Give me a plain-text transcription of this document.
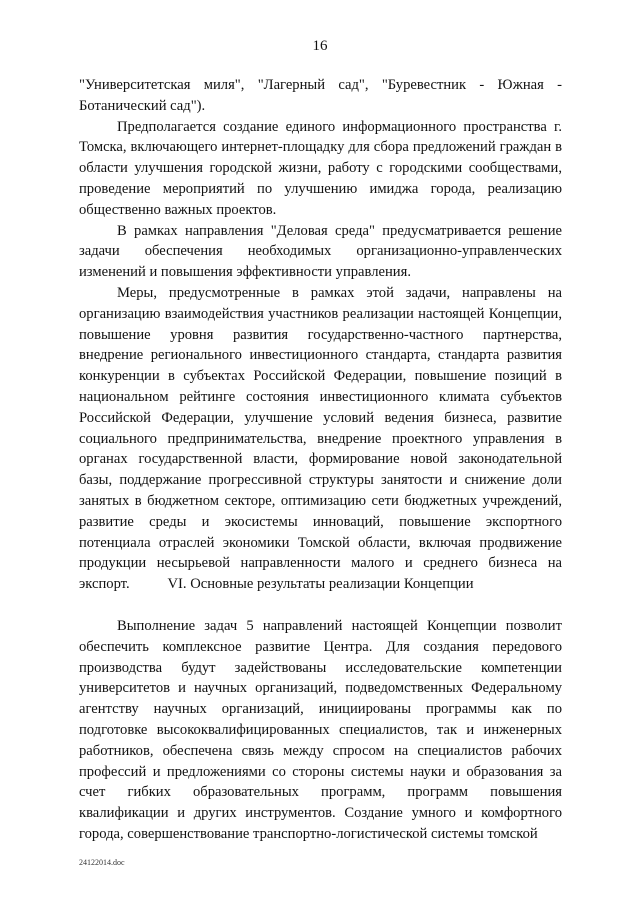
16

"Университетская миля", "Лагерный сад", "Буревестник - Южная - Ботанический сад").

Предполагается создание единого информационного пространства г. Томска, включающего интернет-площадку для сбора предложений граждан в области улучшения городской жизни, работу с городскими сообществами, проведение мероприятий по улучшению имиджа города, реализацию общественно важных проектов.

В рамках направления "Деловая среда" предусматривается решение задачи обеспечения необходимых организационно-управленческих изменений и повышения эффективности управления.

Меры, предусмотренные в рамках этой задачи, направлены на организацию взаимодействия участников реализации настоящей Концепции, повышение уровня развития государственно-частного партнерства, внедрение регионального инвестиционного стандарта, стандарта развития конкуренции в субъектах Российской Федерации, повышение позиций в национальном рейтинге состояния инвестиционного климата субъектов Российской Федерации, улучшение условий ведения бизнеса, развитие социального предпринимательства, внедрение проектного управления в органах государственной власти, формирование новой законодательной базы, поддержание прогрессивной структуры занятости и снижение доли занятых в бюджетном секторе, оптимизацию сети бюджетных учреждений, развитие среды и экосистемы инноваций, повышение экспортного потенциала отраслей экономики Томской области, включая продвижение продукции несырьевой направленности малого и среднего бизнеса на экспорт.	VI. Основные результаты реализации Концепции

Выполнение задач 5 направлений настоящей Концепции позволит обеспечить комплексное развитие Центра. Для создания передового производства будут задействованы исследовательские компетенции университетов и научных организаций, подведомственных Федеральному агентству научных организаций, инициированы программы как по подготовке высококвалифицированных специалистов, так и инженерных работников, обеспечена связь между спросом на специалистов рабочих профессий и предложениями со стороны системы науки и образования за счет гибких образовательных программ, программ повышения квалификации и других инструментов. Создание умного и комфортного города, совершенствование транспортно-логистической системы томской

24122014.doc
